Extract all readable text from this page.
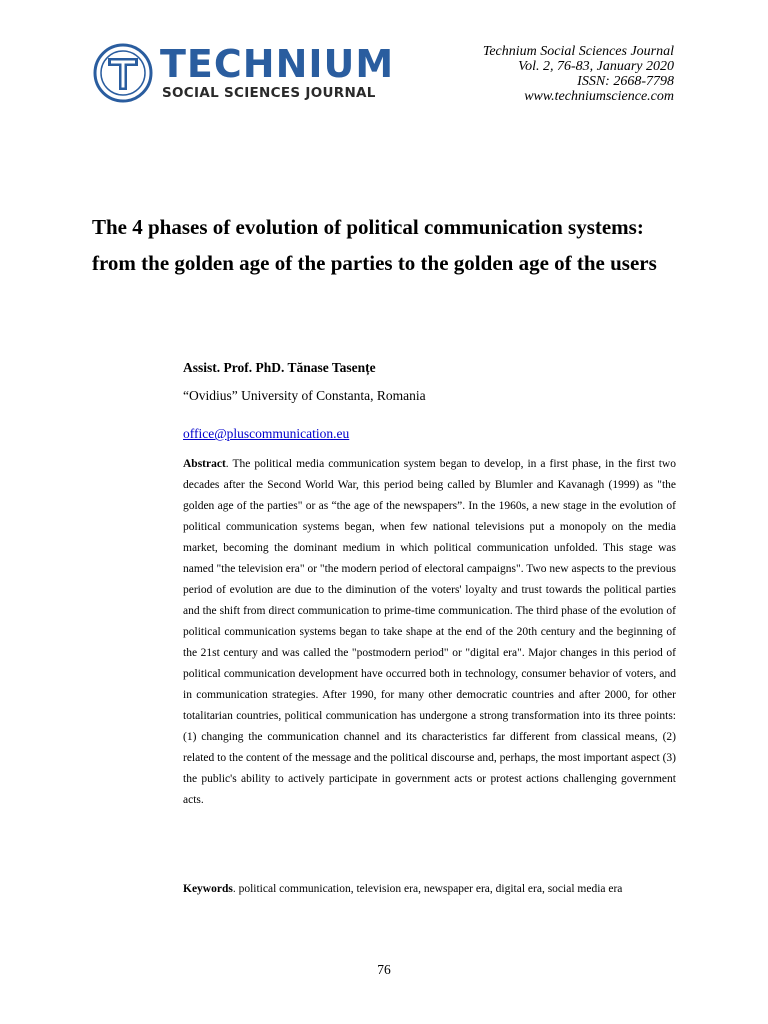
TECHNIUM
SOCIAL SCIENCES JOURNAL
Technium Social Sciences Journal
Vol. 2, 76-83, January 2020
ISSN: 2668-7798
www.techniumscience.com
The 4 phases of evolution of political communication systems: from the golden age of the parties to the golden age of the users

Assist. Prof. PhD. Tănase Tasențe

“Ovidius” University of Constanta, Romania

office@pluscommunication.eu

Abstract. The political media communication system began to develop, in a first phase, in the first two decades after the Second World War, this period being called by Blumler and Kavanagh (1999) as "the golden age of the parties" or as “the age of the newspapers”. In the 1960s, a new stage in the evolution of political communication systems began, when few national televisions put a monopoly on the media market, becoming the dominant medium in which political communication unfolded. This stage was named "the television era" or "the modern period of electoral campaigns". Two new aspects to the previous period of evolution are due to the diminution of the voters' loyalty and trust towards the political parties and the shift from direct communication to prime-time communication. The third phase of the evolution of political communication systems began to take shape at the end of the 20th century and the beginning of the 21st century and was called the "postmodern period" or "digital era". Major changes in this period of political communication development have occurred both in technology, consumer behavior of voters, and in communication strategies. After 1990, for many other democratic countries and after 2000, for other totalitarian countries, political communication has undergone a strong transformation into its three points: (1) changing the communication channel and its characteristics far different from classical means, (2) related to the content of the message and the political discourse and, perhaps, the most important aspect (3) the public's ability to actively participate in government acts or protest actions challenging government acts.

Keywords. political communication, television era, newspaper era, digital era, social media era

76
